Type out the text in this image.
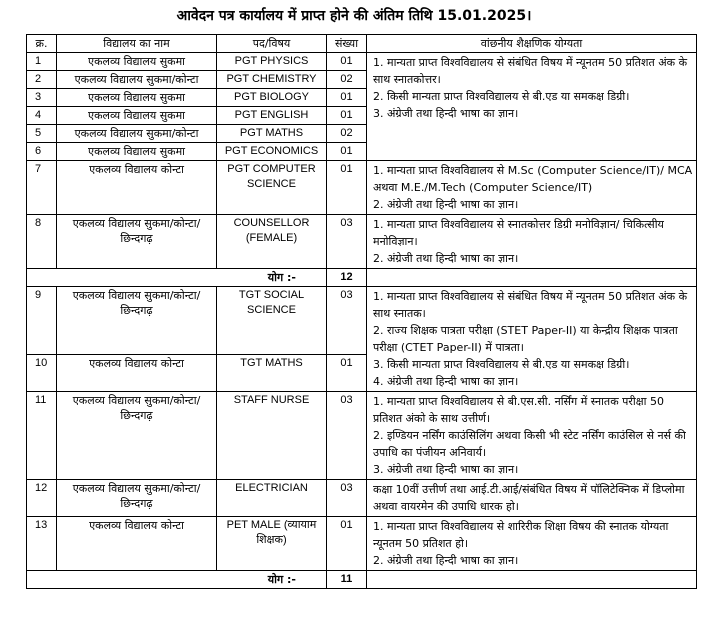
आवेदन पत्र कार्यालय में प्राप्त होने की अंतिम तिथि 15.01.2025।
क्र.	विद्यालय का नाम	पद/विषय	संख्या	वांछनीय शैक्षणिक योग्यता
1	एकलव्य विद्यालय सुकमा	PGT PHYSICS	01	1. मान्यता प्राप्त विश्वविद्यालय से संबंधित विषय में न्यूनतम 50 प्रतिशत अंक के साथ स्नातकोत्तर।

2. किसी मान्यता प्राप्त विश्वविद्यालय से बी.एड या समकक्ष डिग्री।

3. अंग्रेजी तथा हिन्दी भाषा का ज्ञान।

2	एकलव्य विद्यालय सुकमा/कोन्टा	PGT CHEMISTRY	02	
3	एकलव्य विद्यालय सुकमा	PGT BIOLOGY	01	
4	एकलव्य विद्यालय सुकमा	PGT ENGLISH	01	
5	एकलव्य विद्यालय सुकमा/कोन्टा	PGT MATHS	02	
6	एकलव्य विद्यालय सुकमा	PGT ECONOMICS	01	
7	एकलव्य विद्यालय कोन्टा	PGT COMPUTER SCIENCE	01	1. मान्यता प्राप्त विश्वविद्यालय से M.Sc (Computer Science/IT)/ MCA अथवा M.E./M.Tech (Computer Science/IT)

2. अंग्रेजी तथा हिन्दी भाषा का ज्ञान।

8	एकलव्य विद्यालय सुकमा/कोन्टा/छिन्दगढ़	COUNSELLOR (FEMALE)	03	1. मान्यता प्राप्त विश्वविद्यालय से स्नातकोत्तर डिग्री मनोविज्ञान/ चिकित्सीय मनोविज्ञान।

2. अंग्रेजी तथा हिन्दी भाषा का ज्ञान।

योग :-			12	
9	एकलव्य विद्यालय सुकमा/कोन्टा/छिन्दगढ़	TGT SOCIAL SCIENCE	03	1. मान्यता प्राप्त विश्वविद्यालय से संबंधित विषय में न्यूनतम 50 प्रतिशत अंक के साथ स्नातक।

2. राज्य शिक्षक पात्रता परीक्षा (STET Paper-II) या केन्द्रीय शिक्षक पात्रता परीक्षा (CTET Paper-II) में पात्रता।

3. किसी मान्यता प्राप्त विश्वविद्यालय से बी.एड या समकक्ष डिग्री।

4. अंग्रेजी तथा हिन्दी भाषा का ज्ञान।

10	एकलव्य विद्यालय कोन्टा	TGT MATHS	01	
11	एकलव्य विद्यालय सुकमा/कोन्टा/छिन्दगढ़	STAFF NURSE	03	1. मान्यता प्राप्त विश्वविद्यालय से बी.एस.सी. नर्सिंग में स्नातक परीक्षा 50 प्रतिशत अंको के साथ उत्तीर्ण।

2. इण्डियन नर्सिंग काउंसिलिंग अथवा किसी भी स्टेट नर्सिंग काउंसिल से नर्स की उपाधि का पंजीयन अनिवार्य।

3. अंग्रेजी तथा हिन्दी भाषा का ज्ञान।

12	एकलव्य विद्यालय सुकमा/कोन्टा/छिन्दगढ़	ELECTRICIAN	03	कक्षा 10वीं उत्तीर्ण तथा आई.टी.आई/संबंधित विषय में पॉलिटेक्निक में डिप्लोमा अथवा वायरमेन की उपाधि धारक हो।

13	एकलव्य विद्यालय कोन्टा	PET MALE (व्यायाम शिक्षक)	01	1. मान्यता प्राप्त विश्वविद्यालय से शारिरीक शिक्षा विषय की स्नातक योग्यता न्यूनतम 50 प्रतिशत हो।

2. अंग्रेजी तथा हिन्दी भाषा का ज्ञान।

योग :-			11	
